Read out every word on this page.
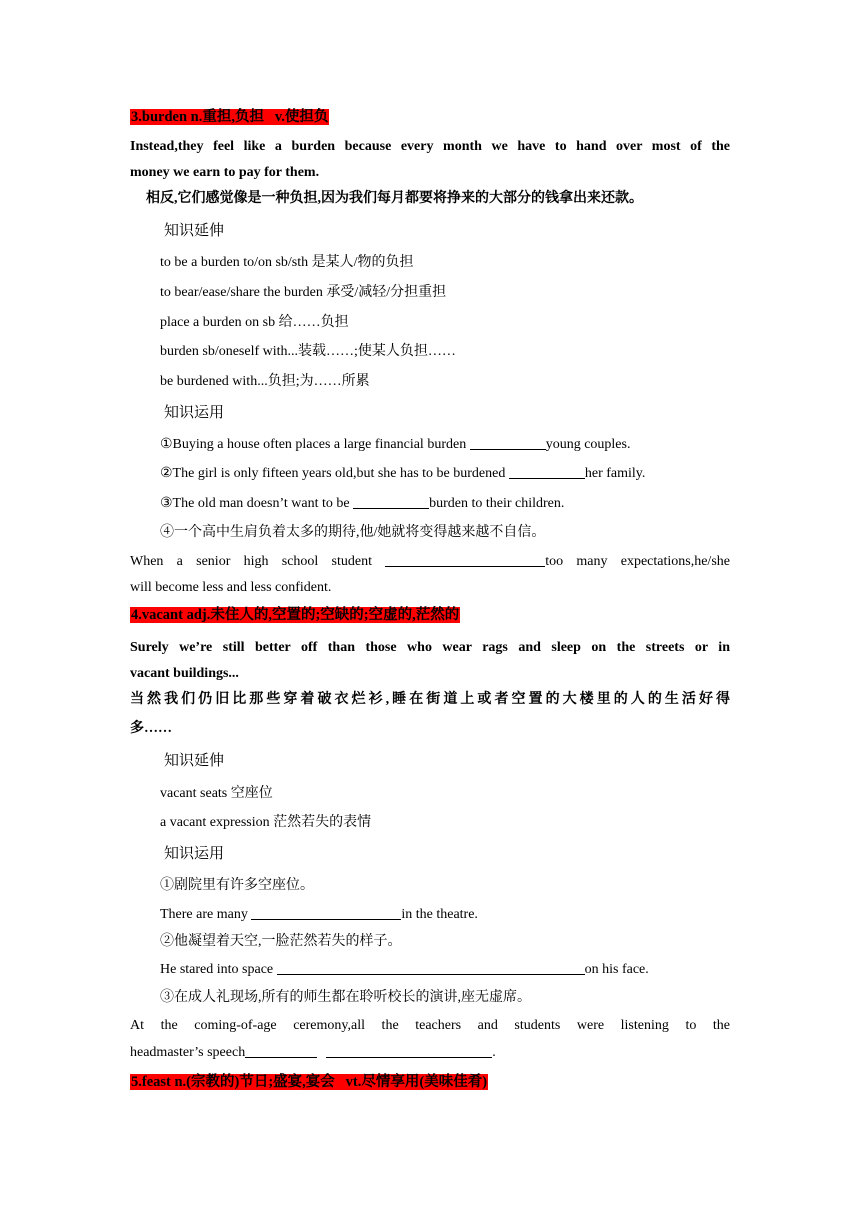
3.burden n.重担,负担   v.使担负
Instead,they feel like a burden because every month we have to hand over most of the
money we earn to pay for them.
相反,它们感觉像是一种负担,因为我们每月都要将挣来的大部分的钱拿出来还款。
知识延伸
to be a burden to/on sb/sth 是某人/物的负担
to bear/ease/share the burden 承受/减轻/分担重担
place a burden on sb 给……负担
burden sb/oneself with...装载……;使某人负担……
be burdened with...负担;为……所累
知识运用
①Buying a house often places a large financial burden	young couples.
②The girl is only fifteen years old,but she has to be burdened	her family.
③The old man doesn’t want to be	burden to their children.
④一个高中生肩负着太多的期待,他/她就将变得越来越不自信。
When a senior high school student	too many expectations,he/she
will become less and less confident.
4.vacant adj.未住人的,空置的;空缺的;空虚的,茫然的
Surely we’re still better off than those who wear rags and sleep on the streets or in
vacant buildings...
当然我们仍旧比那些穿着破衣烂衫,睡在街道上或者空置的大楼里的人的生活好得
多……
知识延伸
vacant seats 空座位
a vacant expression 茫然若失的表情
知识运用
①剧院里有许多空座位。
There are many	in the theatre.
②他凝望着天空,一脸茫然若失的样子。
He stared into space	on his face.
③在成人礼现场,所有的师生都在聆听校长的演讲,座无虚席。
At the coming-of-age ceremony,all the teachers and students were listening to the
headmaster’s speech	.
5.feast n.(宗教的)节日;盛宴,宴会   vt.尽情享用(美味佳肴)
